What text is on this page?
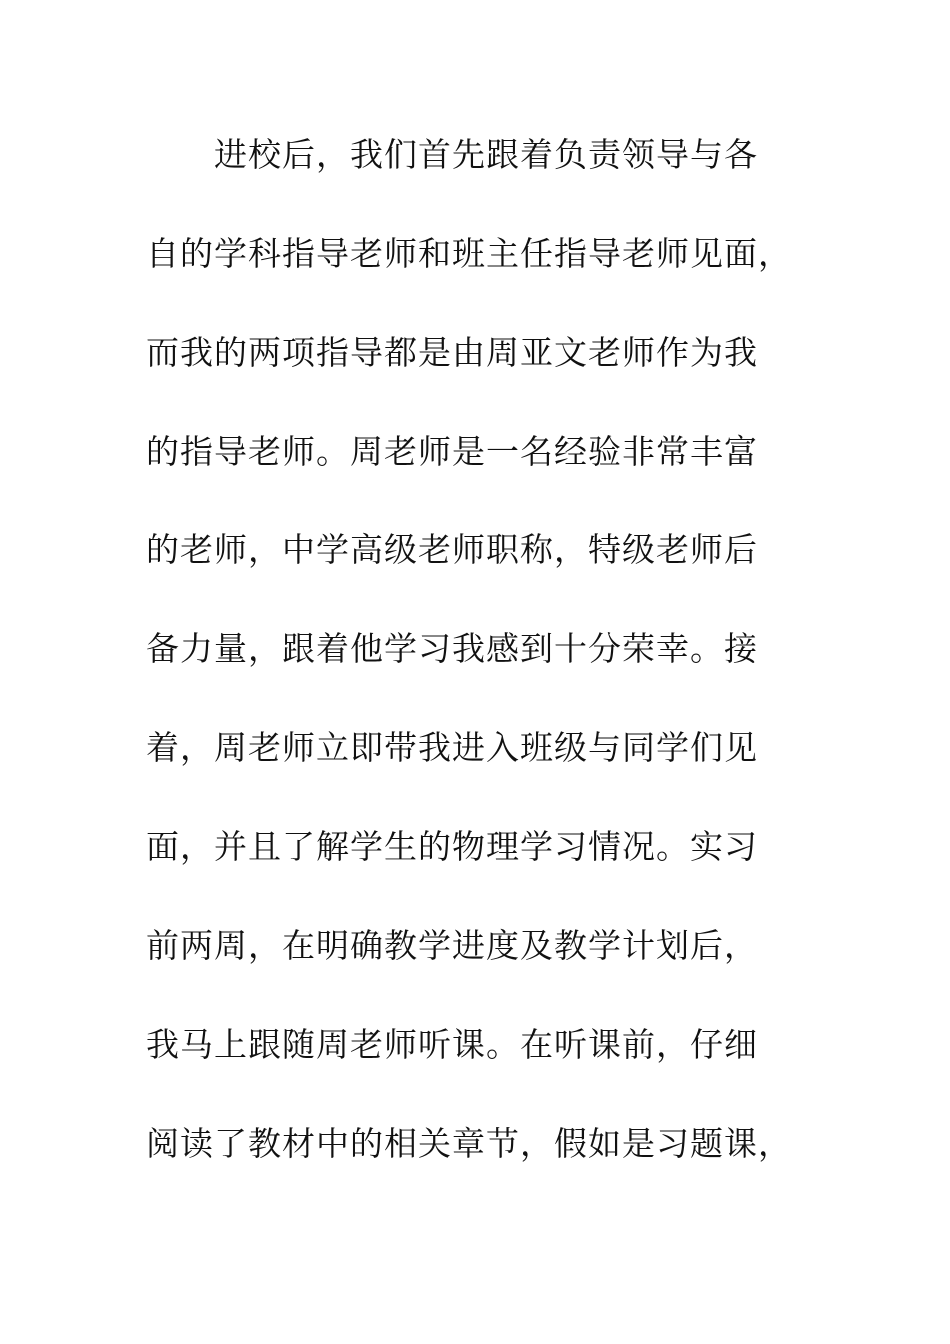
进校后，我们首先跟着负责领导与各
自的学科指导老师和班主任指导老师见面，
而我的两项指导都是由周亚文老师作为我
的指导老师。周老师是一名经验非常丰富
的老师，中学高级老师职称，特级老师后
备力量，跟着他学习我感到十分荣幸。接
着，周老师立即带我进入班级与同学们见
面，并且了解学生的物理学习情况。实习
前两周，在明确教学进度及教学计划后，
我马上跟随周老师听课。在听课前，仔细
阅读了教材中的相关章节，假如是习题课，
